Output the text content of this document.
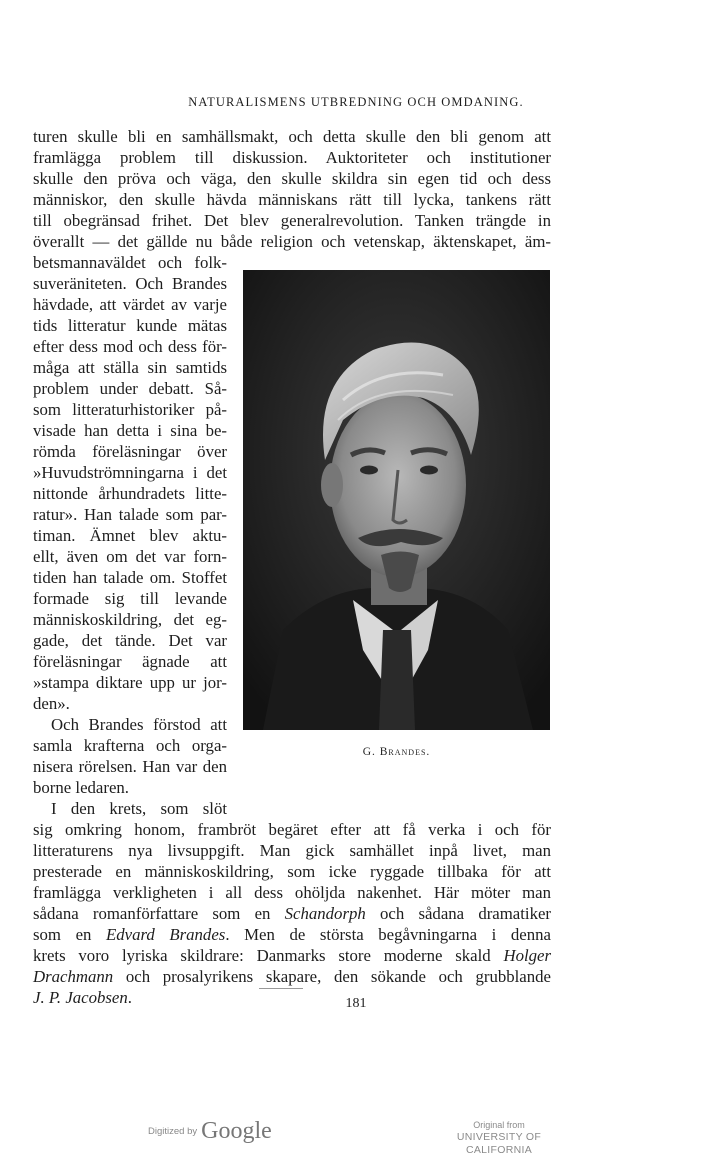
NATURALISMENS UTBREDNING OCH OMDANING.
turen skulle bli en samhällsmakt, och detta skulle den bli genom att
framlägga problem till diskussion. Auktoriteter och institutioner
skulle den pröva och väga, den skulle skildra sin egen tid och dess
människor, den skulle hävda människans rätt till lycka, tankens rätt
till obegränsad frihet. Det blev generalrevolution. Tanken trängde in
överallt — det gällde nu både religion och vetenskap, äktenskapet, äm-
betsmannaväldet och folk-
suveräniteten. Och Brandes
hävdade, att värdet av varje
tids litteratur kunde mätas
efter dess mod och dess för-
måga att ställa sin samtids
problem under debatt. Så-
som litteraturhistoriker på-
visade han detta i sina be-
römda föreläsningar över
»Huvudströmningarna i det
nittonde århundradets litte-
ratur». Han talade som par-
timan. Ämnet blev aktu-
ellt, även om det var forn-
tiden han talade om. Stoffet
formade sig till levande
människoskildring, det eg-
gade, det tände. Det var
föreläsningar ägnade att
»stampa diktare upp ur jor-
den».
Och Brandes förstod att
samla krafterna och orga-
nisera rörelsen. Han var den
borne ledaren.
I den krets, som slöt
sig omkring honom, frambröt begäret efter att få verka i och för
litteraturens nya livsuppgift. Man gick samhället inpå livet, man
presterade en människoskildring, som icke ryggade tillbaka för att
framlägga verkligheten i all dess ohöljda nakenhet. Här möter man
sådana romanförfattare som en Schandorph och sådana dramatiker
som en Edvard Brandes. Men de största begåvningarna i denna
krets voro lyriska skildrare: Danmarks store moderne skald Holger
Drachmann och prosalyrikens skapare, den sökande och grubblande
J. P. Jacobsen.
G. Brandes.
181
Digitized by Google	Original from
UNIVERSITY OF CALIFORNIA
